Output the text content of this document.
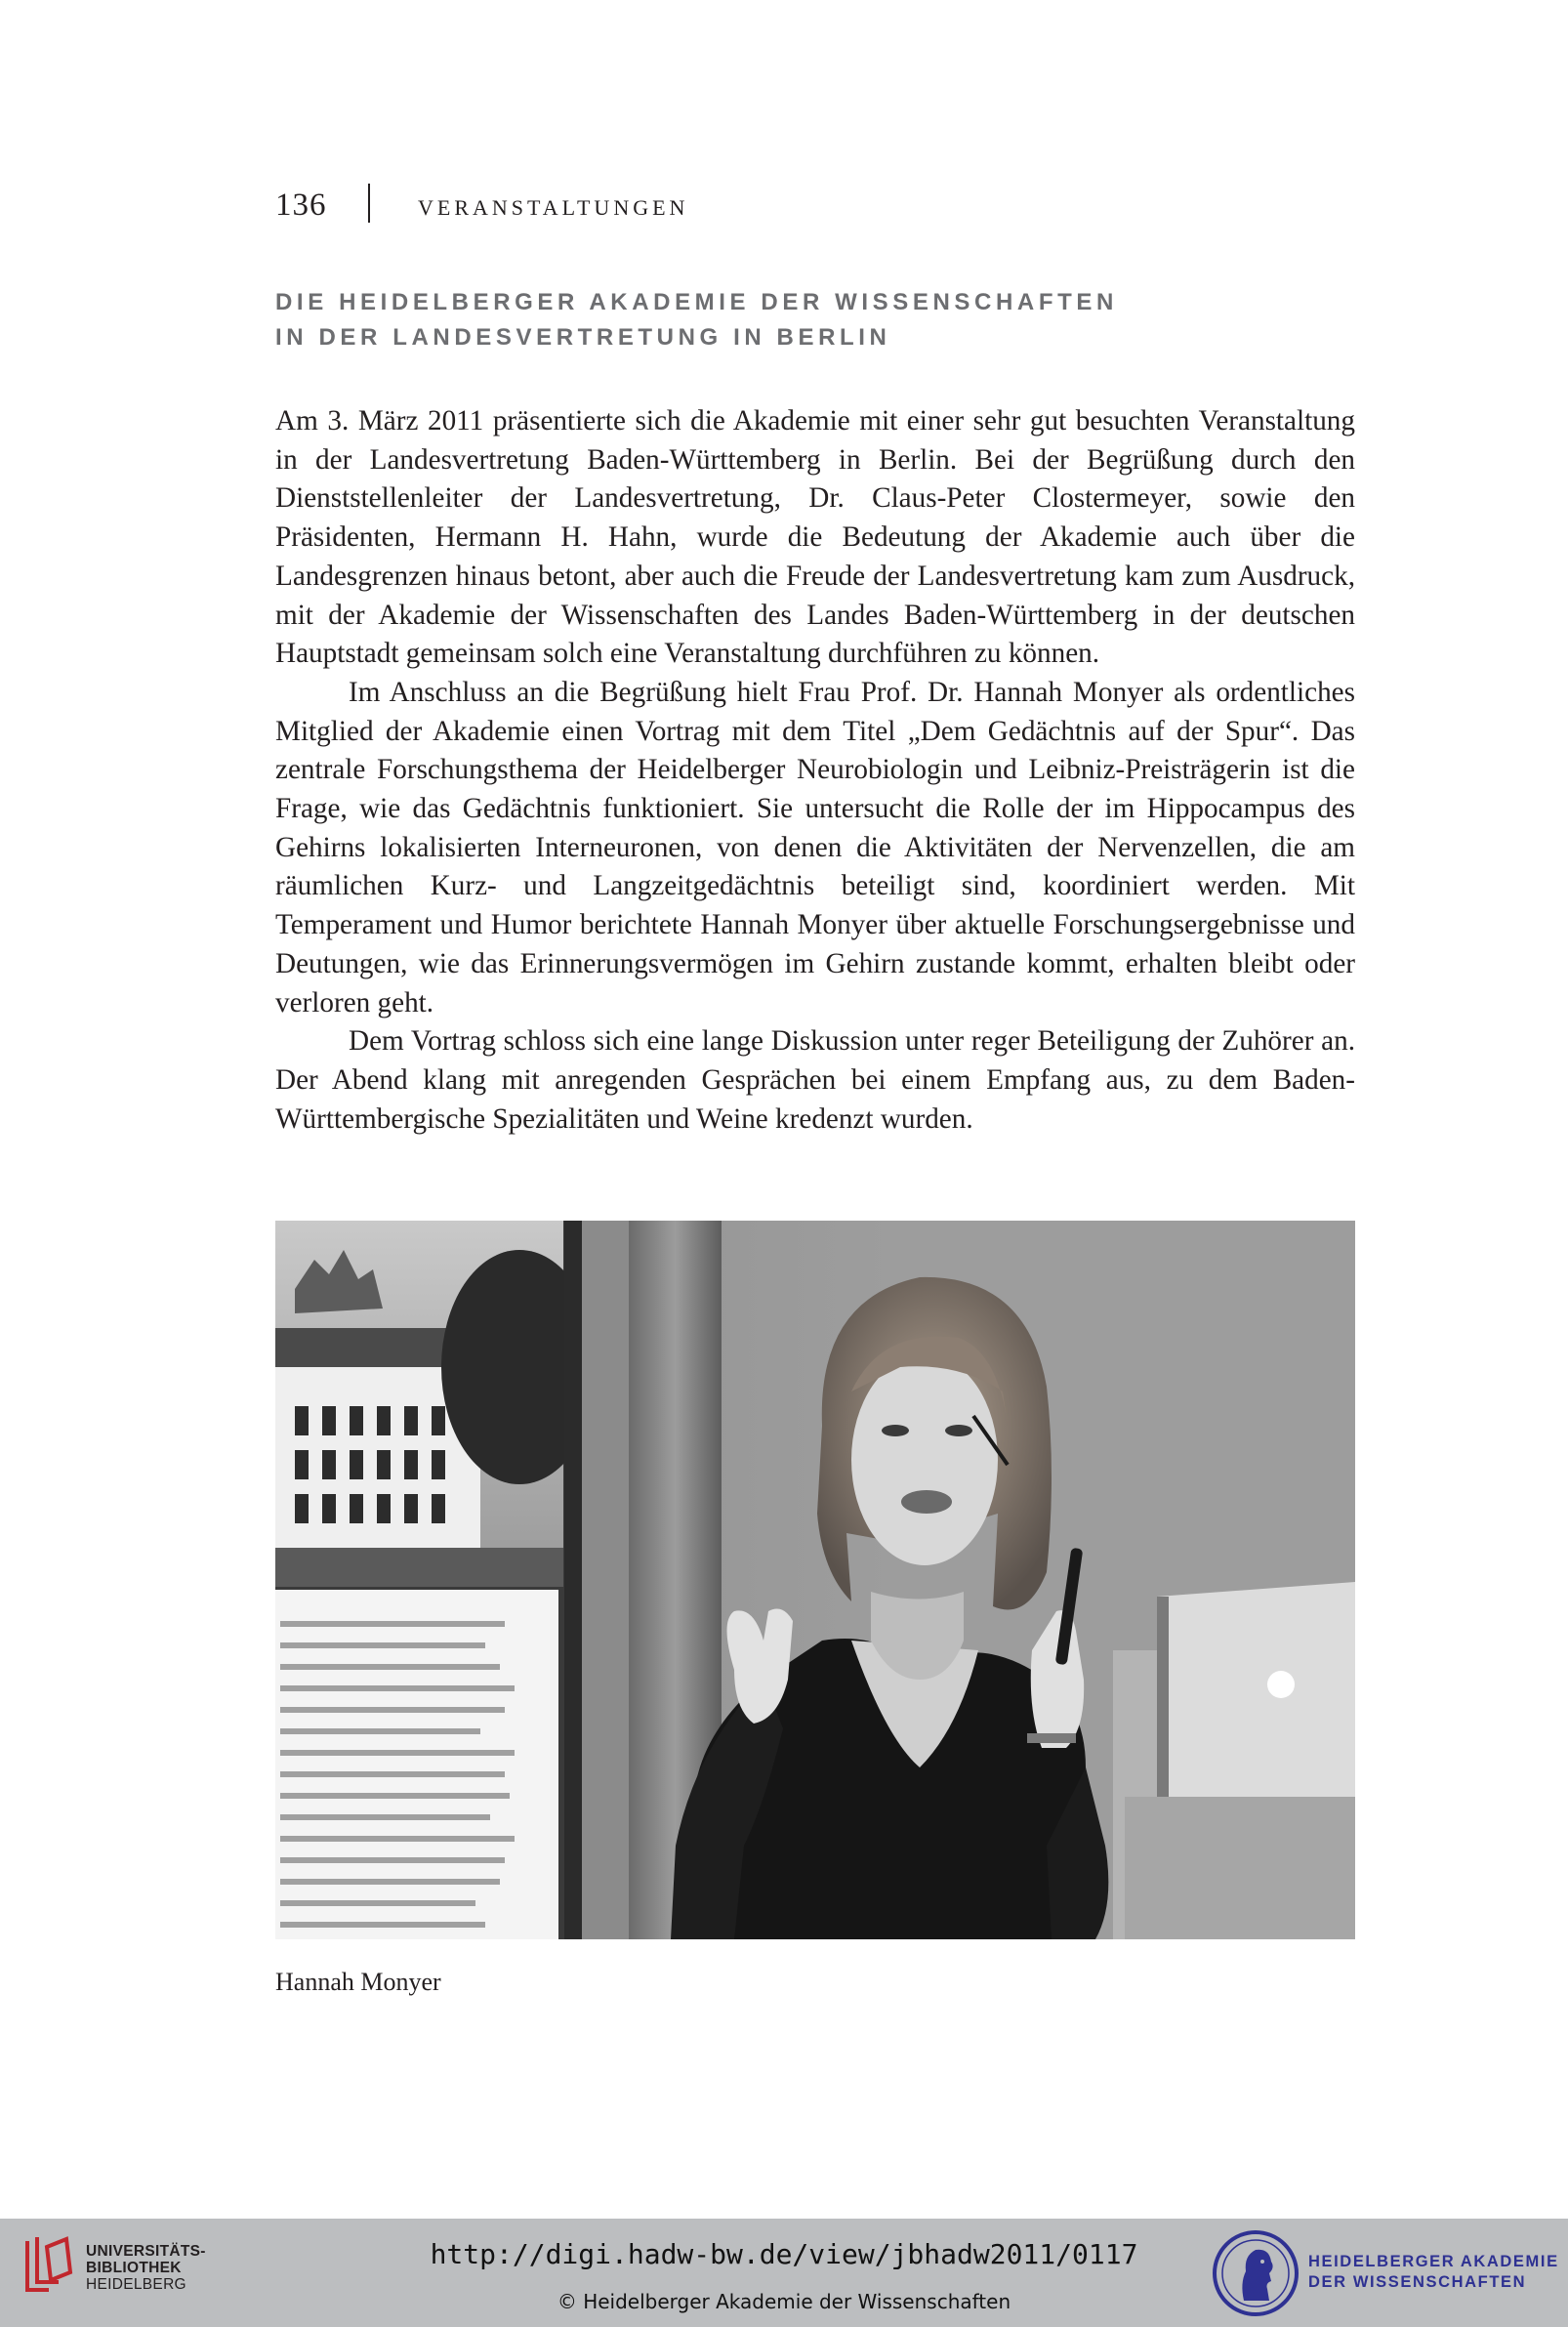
136	VERANSTALTUNGEN
DIE HEIDELBERGER AKADEMIE DER WISSENSCHAFTEN
IN DER LANDESVERTRETUNG IN BERLIN

Am 3. März 2011 präsentierte sich die Akademie mit einer sehr gut besuchten Veranstaltung in der Landesvertretung Baden-Württemberg in Berlin. Bei der Begrüßung durch den Dienststellenleiter der Landesvertretung, Dr. Claus-Peter Clostermeyer, sowie den Präsidenten, Hermann H. Hahn, wurde die Bedeutung der Akademie auch über die Landesgrenzen hinaus betont, aber auch die Freude der Landesvertretung kam zum Ausdruck, mit der Akademie der Wissenschaften des Landes Baden-Württemberg in der deutschen Hauptstadt gemeinsam solch eine Veranstaltung durchführen zu können.

Im Anschluss an die Begrüßung hielt Frau Prof. Dr. Hannah Monyer als ordentliches Mitglied der Akademie einen Vortrag mit dem Titel „Dem Gedächtnis auf der Spur“. Das zentrale Forschungsthema der Heidelberger Neurobiologin und Leibniz-Preisträgerin ist die Frage, wie das Gedächtnis funktioniert. Sie untersucht die Rolle der im Hippocampus des Gehirns lokalisierten Interneuronen, von denen die Aktivitäten der Nervenzellen, die am räumlichen Kurz- und Langzeitgedächtnis beteiligt sind, koordiniert werden. Mit Temperament und Humor berichtete Hannah Monyer über aktuelle Forschungsergebnisse und Deutungen, wie das Erinnerungsvermögen im Gehirn zustande kommt, erhalten bleibt oder verloren geht.

Dem Vortrag schloss sich eine lange Diskussion unter reger Beteiligung der Zuhörer an. Der Abend klang mit anregenden Gesprächen bei einem Empfang aus, zu dem Baden-Württembergische Spezialitäten und Weine kredenzt wurden.

Hannah Monyer
UNIVERSITÄTS-
BIBLIOTHEK
HEIDELBERG
http://digi.hadw-bw.de/view/jbhadw2011/0117
© Heidelberger Akademie der Wissenschaften
HEIDELBERGER AKADEMIE
DER WISSENSCHAFTEN
